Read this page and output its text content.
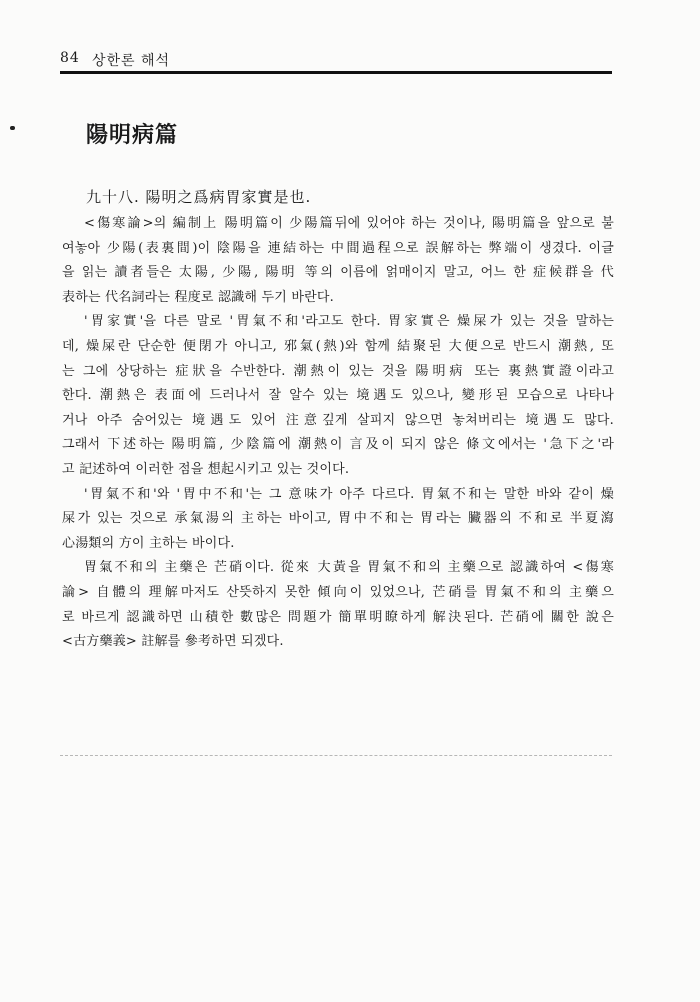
84 상한론 해석
陽明病篇
九十八. 陽明之爲病胃家實是也.

<傷寒論>의 編制上 陽明篇이 少陽篇뒤에 있어야 하는 것이나, 陽明篇을 앞으로 불
여놓아 少陽(表裏間)이 陰陽을 連結하는 中間過程으로 誤解하는 弊端이 생겼다. 이글
을 읽는 讀者들은 太陽, 少陽, 陽明 等의 이름에 얽매이지 말고, 어느 한 症候群을 代
表하는 代名詞라는 程度로 認識해 두기 바란다.

'胃家實'을 다른 말로 '胃氣不和'라고도 한다. 胃家實은 燥屎가 있는 것을 말하는
데, 燥屎란 단순한 便閉가 아니고, 邪氣(熱)와 함께 結聚된 大便으로 반드시 潮熱, 또
는 그에 상당하는 症狀을 수반한다. 潮熱이 있는 것을 陽明病 또는 裏熱實證이라고
한다. 潮熱은 表面에 드러나서 잘 알수 있는 境遇도 있으나, 變形된 모습으로 나타나
거나 아주 숨어있는 境遇도 있어 注意깊게 살피지 않으면 놓쳐버리는 境遇도 많다.
그래서 下述하는 陽明篇, 少陰篇에 潮熱이 言及이 되지 않은 條文에서는 '急下之'라
고 記述하여 이러한 점을 想起시키고 있는 것이다.

'胃氣不和'와 '胃中不和'는 그 意味가 아주 다르다. 胃氣不和는 말한 바와 같이 燥
屎가 있는 것으로 承氣湯의 主하는 바이고, 胃中不和는 胃라는 臟器의 不和로 半夏瀉
心湯類의 方이 主하는 바이다.

胃氣不和의 主藥은 芒硝이다. 從來 大黃을 胃氣不和의 主藥으로 認識하여 <傷寒
論> 自體의 理解마저도 산뜻하지 못한 傾向이 있었으나, 芒硝를 胃氣不和의 主藥으
로 바르게 認識하면 山積한 數많은 問題가 簡單明瞭하게 解決된다. 芒硝에 關한 說은
<古方藥義> 註解를 參考하면 되겠다.
